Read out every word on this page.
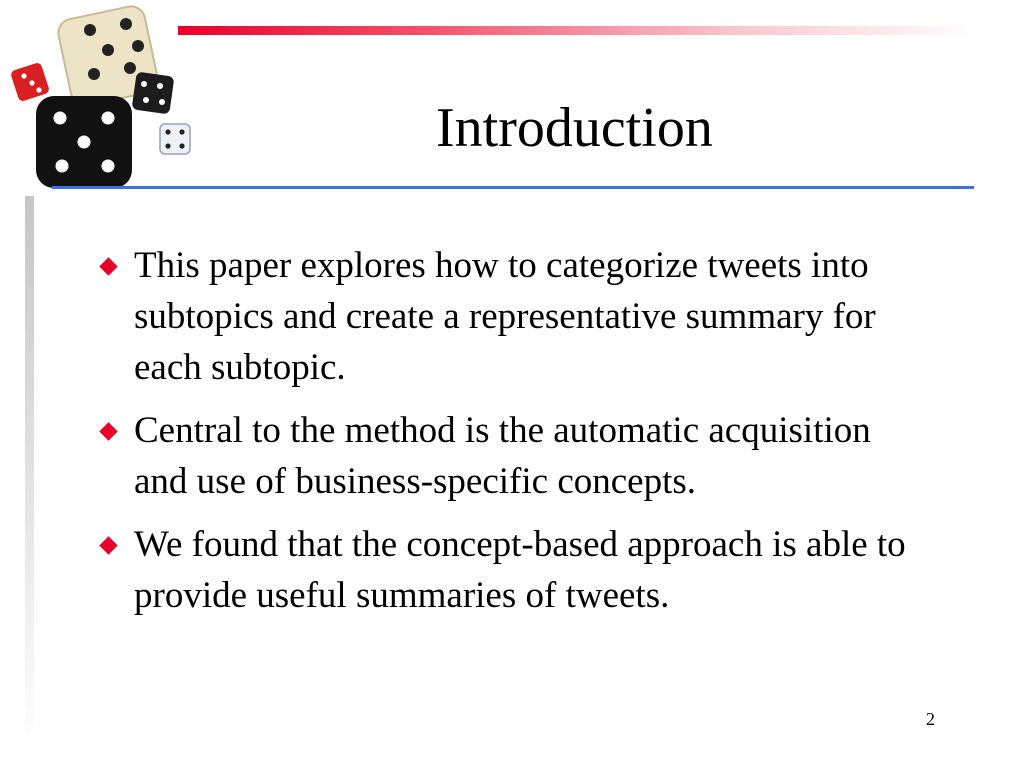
Introduction
This paper explores how to categorize tweets into subtopics and create a representative summary for each subtopic.
Central to the method is the automatic acquisition and use of business-specific concepts.
We found that the concept-based approach is able to provide useful summaries of tweets.
2
